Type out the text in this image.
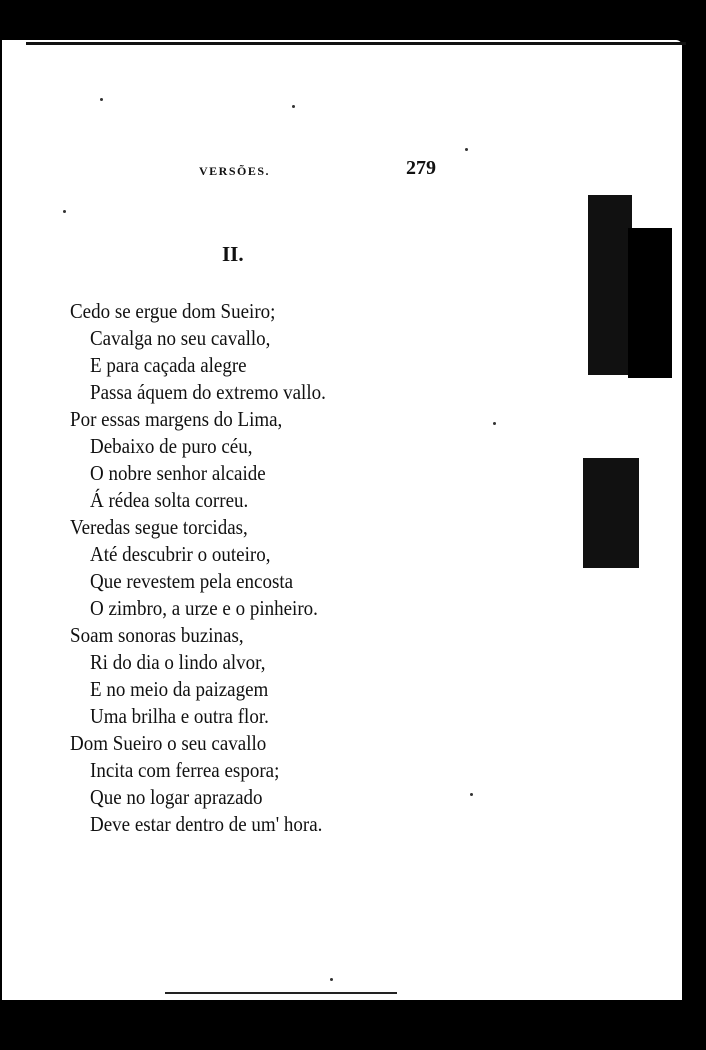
VERSÕES.	279
II.
Cedo se ergue dom Sueiro;
Cavalga no seu cavallo,
E para caçada alegre
Passa áquem do extremo vallo.
Por essas margens do Lima,
Debaixo de puro céu,
O nobre senhor alcaide
Á rédea solta correu.
Veredas segue torcidas,
Até descubrir o outeiro,
Que revestem pela encosta
O zimbro, a urze e o pinheiro.
Soam sonoras buzinas,
Ri do dia o lindo alvor,
E no meio da paizagem
Uma brilha e outra flor.
Dom Sueiro o seu cavallo
Incita com ferrea espora;
Que no logar aprazado
Deve estar dentro de um' hora.
